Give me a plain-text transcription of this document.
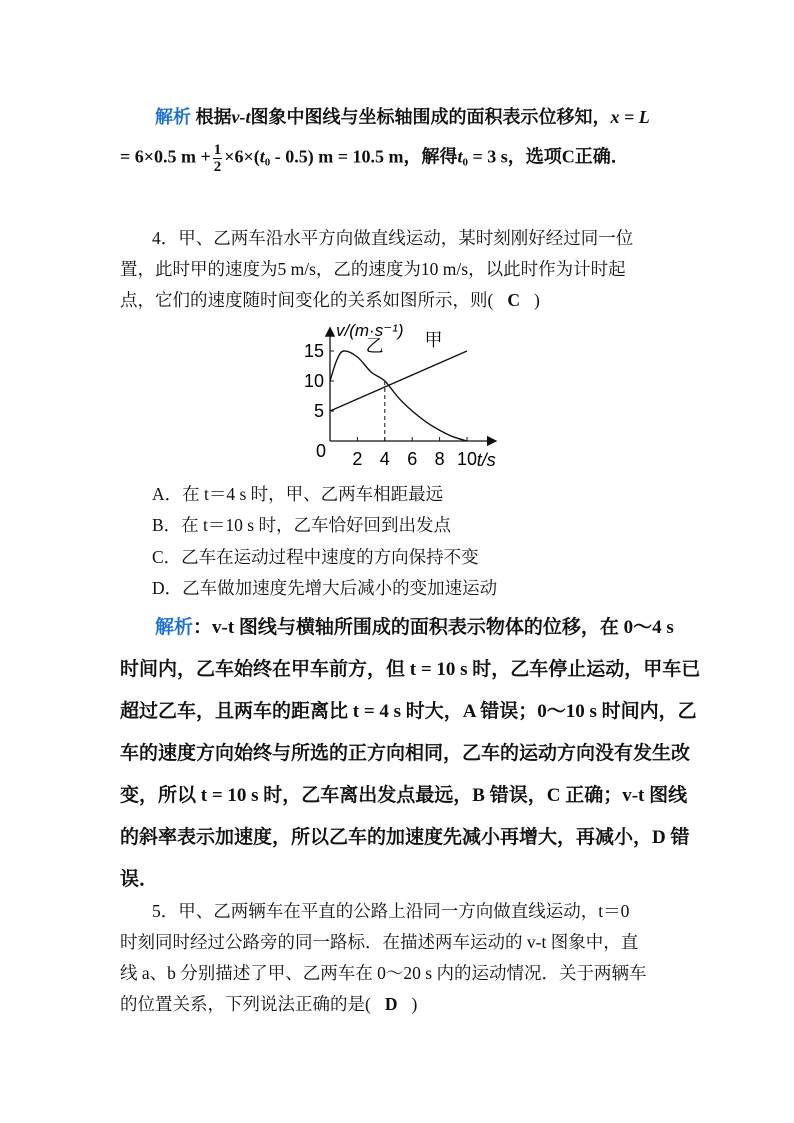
解析 根据v-t图象中图线与坐标轴围成的面积表示位移知，x = L
= 6×0.5 $m + \frac{1}{2} \times 6\times(t_0 - 0.5) m = 10.5$ m，解得$t_0 = 3$ s，选项C正确．
4．甲、乙两车沿水平方向做直线运动，某时刻刚好经过同一位
置，此时甲的速度为5 m/s，乙的速度为10 m/s，以此时作为计时起
点，它们的速度随时间变化的关系如图所示，则( C )
v/(m·s⁻¹)
t/s
0 2 4 6 8 10
5
10
15 乙 甲
A．在 t＝4 s 时，甲、乙两车相距最远
B．在 t＝10 s 时，乙车恰好回到出发点
C．乙车在运动过程中速度的方向保持不变
D．乙车做加速度先增大后减小的变加速运动
解析：v-t 图线与横轴所围成的面积表示物体的位移，在 0～4 s
时间内，乙车始终在甲车前方，但 t = 10 s 时，乙车停止运动，甲车已
超过乙车，且两车的距离比 t = 4 s 时大，A 错误；0～10 s 时间内，乙
车的速度方向始终与所选的正方向相同，乙车的运动方向没有发生改
变，所以 t = 10 s 时，乙车离出发点最远，B 错误，C 正确；v-t 图线
的斜率表示加速度，所以乙车的加速度先减小再增大，再减小，D 错
误．
5．甲、乙两辆车在平直的公路上沿同一方向做直线运动，t＝0
时刻同时经过公路旁的同一路标．在描述两车运动的 v-t 图象中，直
线 a、b 分别描述了甲、乙两车在 0～20 s 内的运动情况．关于两辆车
的位置关系，下列说法正确的是( D )
